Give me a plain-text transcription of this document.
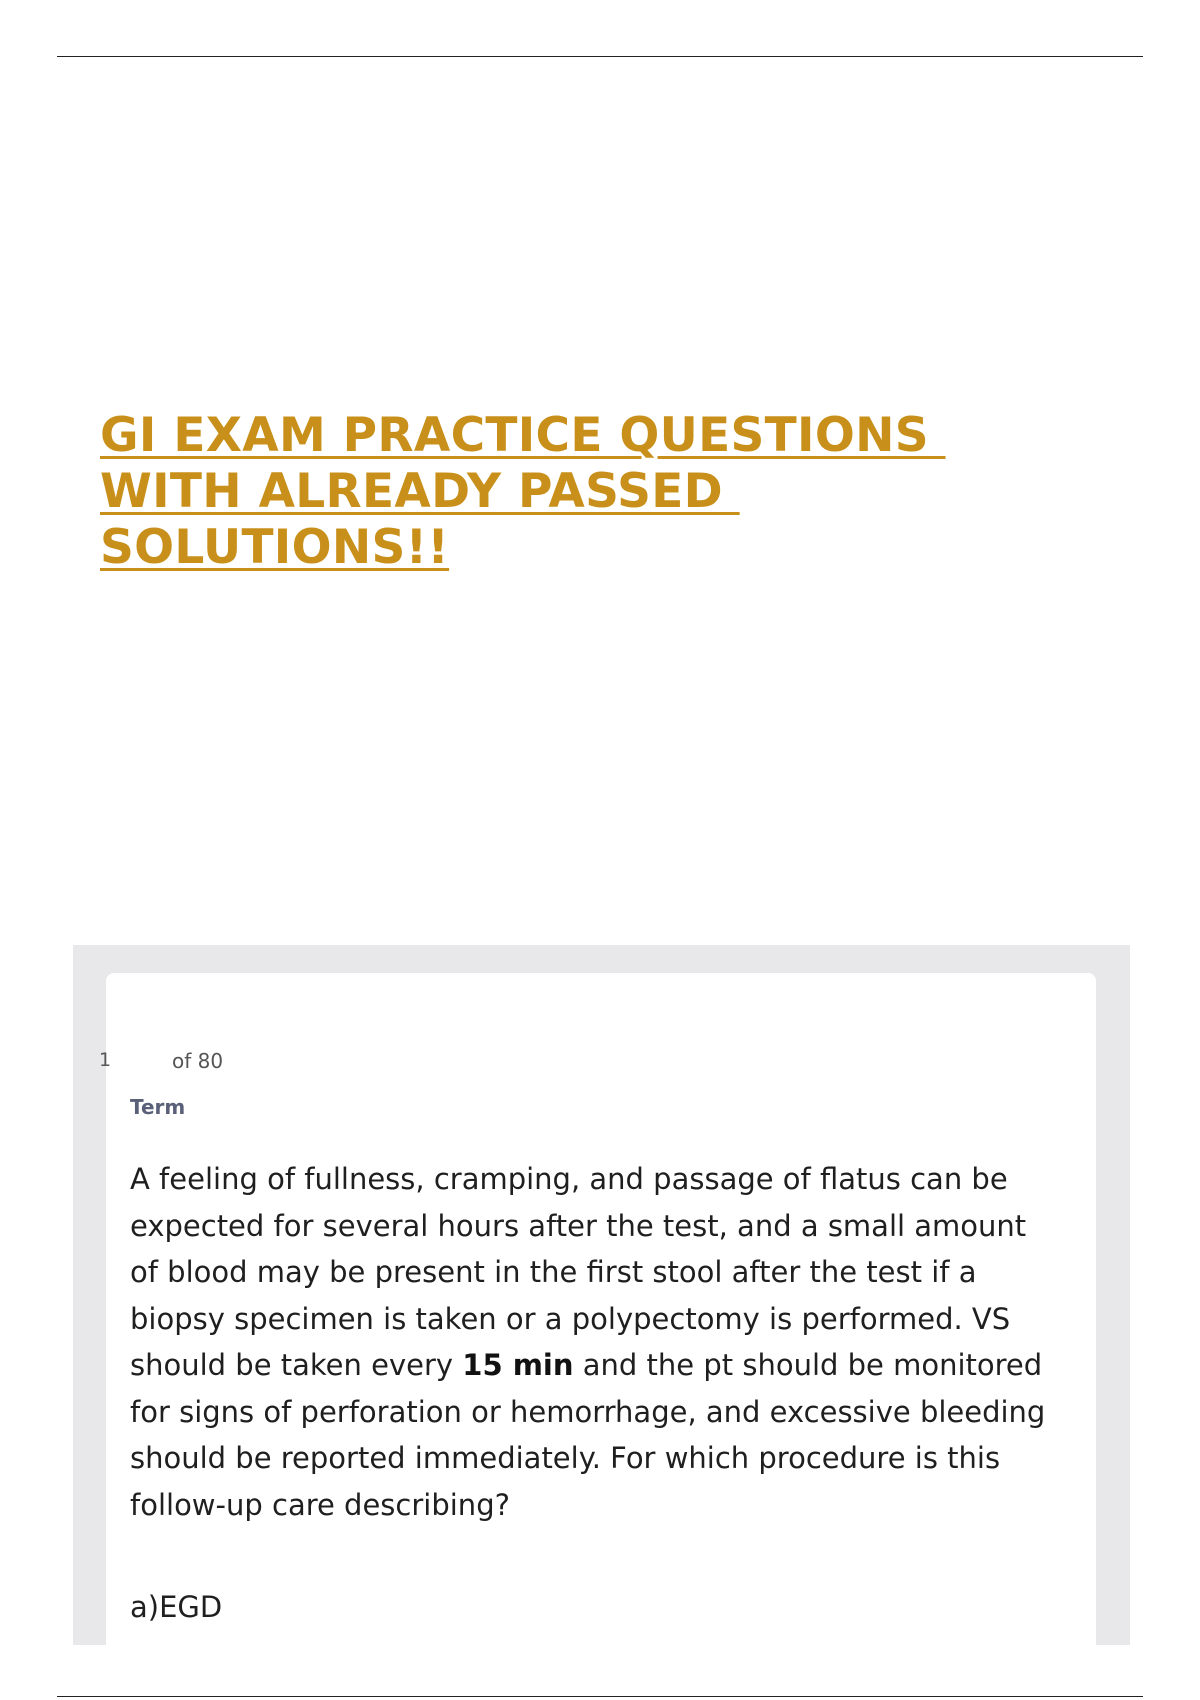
GI EXAM PRACTICE QUESTIONS
WITH ALREADY PASSED
SOLUTIONS!!
1	of 80
Term

A feeling of fullness, cramping, and passage of flatus can be expected for several hours after the test, and a small amount of blood may be present in the first stool after the test if a biopsy specimen is taken or a polypectomy is performed. VS should be taken every 15 min and the pt should be monitored for signs of perforation or hemorrhage, and excessive bleeding should be reported immediately. For which procedure is this follow-up care describing?

a)EGD
